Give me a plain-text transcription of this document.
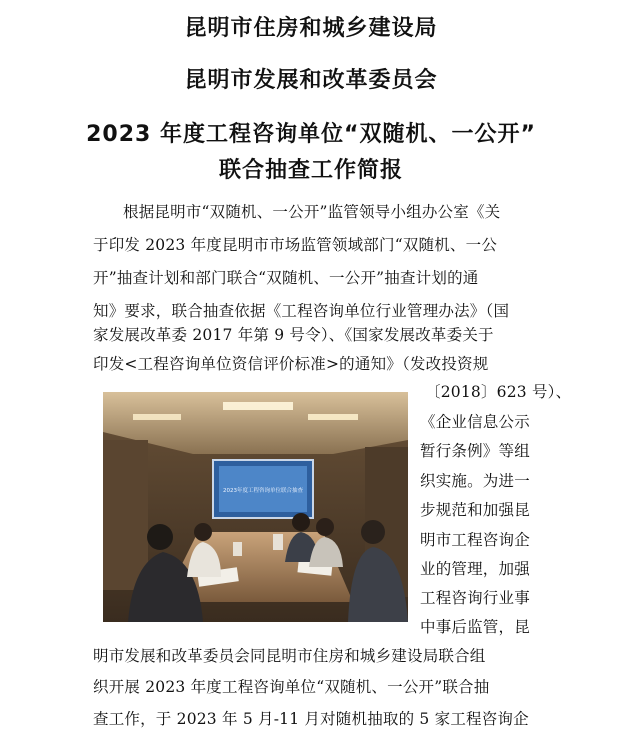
昆明市住房和城乡建设局
昆明市发展和改革委员会
2023 年度工程咨询单位“双随机、一公开”
联合抽查工作简报
根据昆明市“双随机、一公开”监管领导小组办公室《关
于印发 2023 年度昆明市市场监管领域部门“双随机、一公
开”抽查计划和部门联合“双随机、一公开”抽查计划的通
知》要求，联合抽查依据《工程咨询单位行业管理办法》（国
家发展改革委 2017 年第 9 号令）、《国家发展改革委关于
印发<工程咨询单位资信评价标准>的通知》（发改投资规
2023年度工程咨询单位联合抽查
〔2018〕623 号）、
《企业信息公示
暂行条例》等组
织实施。为进一
步规范和加强昆
明市工程咨询企
业的管理，加强
工程咨询行业事
中事后监管，昆
明市发展和改革委员会同昆明市住房和城乡建设局联合组
织开展 2023 年度工程咨询单位“双随机、一公开”联合抽
查工作，于 2023 年 5 月-11 月对随机抽取的 5 家工程咨询企
